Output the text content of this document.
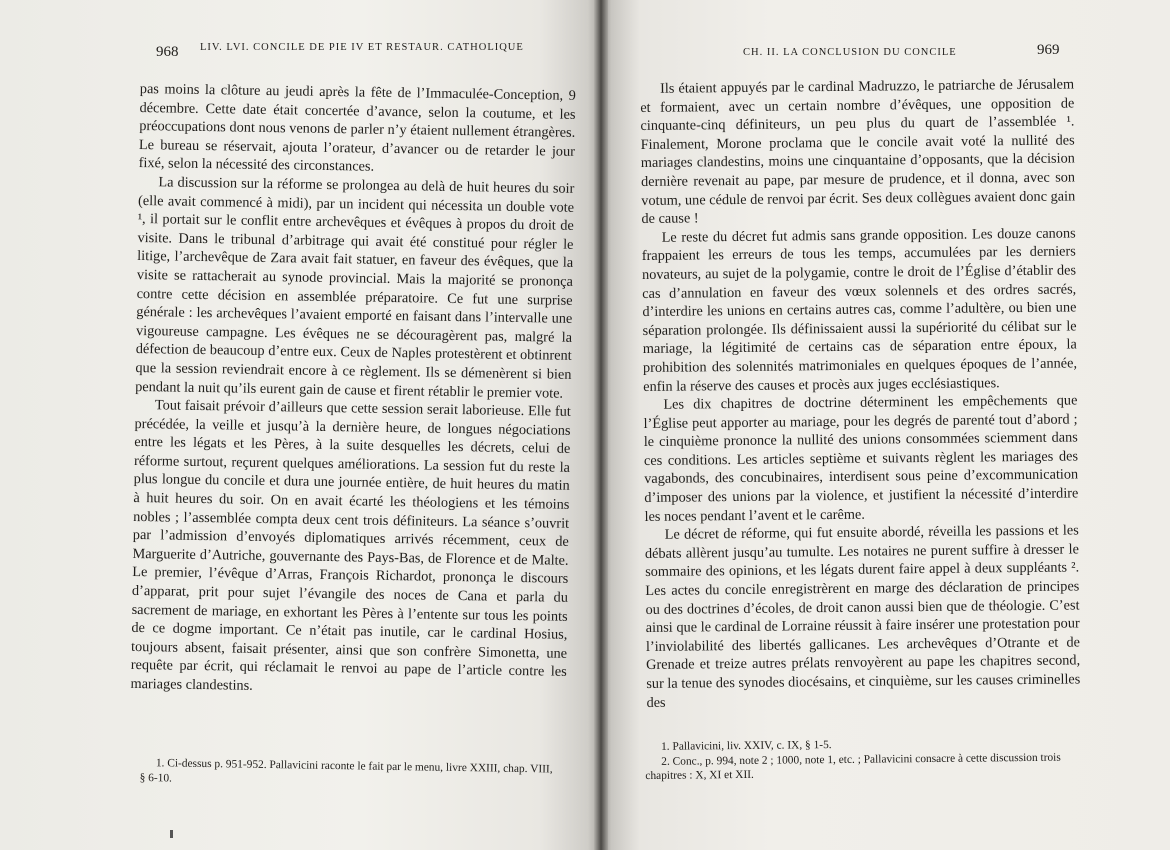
968 LIV. LVI. CONCILE DE PIE IV ET RESTAUR. CATHOLIQUE

pas moins la clôture au jeudi après la fête de l’Immaculée-Conception, 9 décembre. Cette date était concertée d’avance, selon la coutume, et les préoccupations dont nous venons de parler n’y étaient nullement étrangères. Le bureau se réservait, ajouta l’orateur, d’avancer ou de retarder le jour fixé, selon la nécessité des circonstances.

La discussion sur la réforme se prolongea au delà de huit heures du soir (elle avait commencé à midi), par un incident qui nécessita un double vote ¹, il portait sur le conflit entre archevêques et évêques à propos du droit de visite. Dans le tribunal d’arbitrage qui avait été constitué pour régler le litige, l’archevêque de Zara avait fait statuer, en faveur des évêques, que la visite se rattacherait au synode provincial. Mais la majorité se prononça contre cette décision en assemblée préparatoire. Ce fut une surprise générale : les archevêques l’avaient emporté en faisant dans l’intervalle une vigoureuse campagne. Les évêques ne se découragèrent pas, malgré la défection de beaucoup d’entre eux. Ceux de Naples protestèrent et obtinrent que la session reviendrait encore à ce règlement. Ils se démenèrent si bien pendant la nuit qu’ils eurent gain de cause et firent rétablir le premier vote.

Tout faisait prévoir d’ailleurs que cette session serait laborieuse. Elle fut précédée, la veille et jusqu’à la dernière heure, de longues négociations entre les légats et les Pères, à la suite desquelles les décrets, celui de réforme surtout, reçurent quelques améliorations. La session fut du reste la plus longue du concile et dura une journée entière, de huit heures du matin à huit heures du soir. On en avait écarté les théologiens et les témoins nobles ; l’assemblée compta deux cent trois définiteurs. La séance s’ouvrit par l’admission d’envoyés diplomatiques arrivés récemment, ceux de Marguerite d’Autriche, gouvernante des Pays-Bas, de Florence et de Malte. Le premier, l’évêque d’Arras, François Richardot, prononça le discours d’apparat, prit pour sujet l’évangile des noces de Cana et parla du sacrement de mariage, en exhortant les Pères à l’entente sur tous les points de ce dogme important. Ce n’était pas inutile, car le cardinal Hosius, toujours absent, faisait présenter, ainsi que son confrère Simonetta, une requête par écrit, qui réclamait le renvoi au pape de l’article contre les mariages clandestins.

1. Ci-dessus p. 951-952. Pallavicini raconte le fait par le menu, livre XXIII, chap. VIII, § 6-10.

CH. II. LA CONCLUSION DU CONCILE	969

Ils étaient appuyés par le cardinal Madruzzo, le patriarche de Jérusalem et formaient, avec un certain nombre d’évêques, une opposition de cinquante-cinq définiteurs, un peu plus du quart de l’assemblée ¹. Finalement, Morone proclama que le concile avait voté la nullité des mariages clandestins, moins une cinquantaine d’opposants, que la décision dernière revenait au pape, par mesure de prudence, et il donna, avec son votum, une cédule de renvoi par écrit. Ses deux collègues avaient donc gain de cause !

Le reste du décret fut admis sans grande opposition. Les douze canons frappaient les erreurs de tous les temps, accumulées par les derniers novateurs, au sujet de la polygamie, contre le droit de l’Église d’établir des cas d’annulation en faveur des vœux solennels et des ordres sacrés, d’interdire les unions en certains autres cas, comme l’adultère, ou bien une séparation prolongée. Ils définissaient aussi la supériorité du célibat sur le mariage, la légitimité de certains cas de séparation entre époux, la prohibition des solennités matrimoniales en quelques époques de l’année, enfin la réserve des causes et procès aux juges ecclésiastiques.

Les dix chapitres de doctrine déterminent les empêchements que l’Église peut apporter au mariage, pour les degrés de parenté tout d’abord ; le cinquième prononce la nullité des unions consommées sciemment dans ces conditions. Les articles septième et suivants règlent les mariages des vagabonds, des concubinaires, interdisent sous peine d’excommunication d’imposer des unions par la violence, et justifient la nécessité d’interdire les noces pendant l’avent et le carême.

Le décret de réforme, qui fut ensuite abordé, réveilla les passions et les débats allèrent jusqu’au tumulte. Les notaires ne purent suffire à dresser le sommaire des opinions, et les légats durent faire appel à deux suppléants ². Les actes du concile enregistrèrent en marge des déclaration de principes ou des doctrines d’écoles, de droit canon aussi bien que de théologie. C’est ainsi que le cardinal de Lorraine réussit à faire insérer une protestation pour l’inviolabilité des libertés gallicanes. Les archevêques d’Otrante et de Grenade et treize autres prélats renvoyèrent au pape les chapitres second, sur la tenue des synodes diocésains, et cinquième, sur les causes criminelles des

1. Pallavicini, liv. XXIV, c. IX, § 1-5.

2. Conc., p. 994, note 2 ; 1000, note 1, etc. ; Pallavicini consacre à cette discussion trois chapitres : X, XI et XII.
